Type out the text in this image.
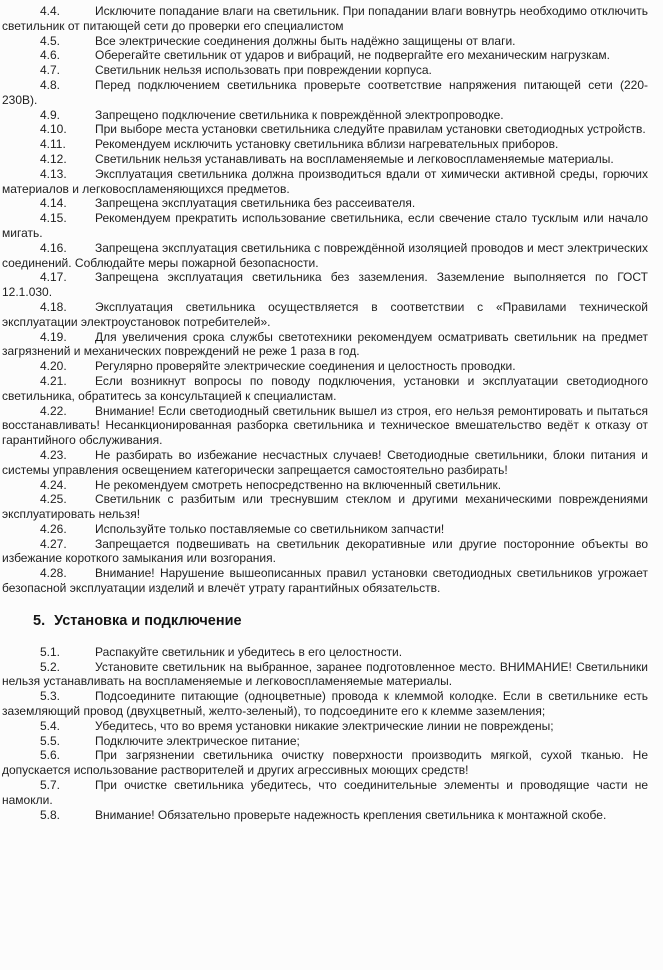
4.4.	Исключите попадание влаги на светильник. При попадании влаги вовнутрь необходимо отключить светильник от питающей сети до проверки его специалистом

4.5.	Все электрические соединения должны быть надёжно защищены от влаги.

4.6.	Оберегайте светильник от ударов и вибраций, не подвергайте его механическим нагрузкам.

4.7.	Светильник нельзя использовать при повреждении корпуса.

4.8.	Перед подключением светильника проверьте соответствие напряжения питающей сети (220-230В).

4.9.	Запрещено подключение светильника к повреждённой электропроводке.

4.10. При выборе места установки светильника следуйте правилам установки светодиодных устройств.

4.11. Рекомендуем исключить установку светильника вблизи нагревательных приборов.

4.12. Светильник нельзя устанавливать на воспламеняемые и легковоспламеняемые материалы.

4.13. Эксплуатация светильника должна производиться вдали от химически активной среды, горючих материалов и легковоспламеняющихся предметов.

4.14. Запрещена эксплуатация светильника без рассеивателя.

4.15. Рекомендуем прекратить использование светильника, если свечение стало тусклым или начало мигать.

4.16. Запрещена эксплуатация светильника с повреждённой изоляцией проводов и мест электрических соединений. Соблюдайте меры пожарной безопасности.

4.17. Запрещена эксплуатация светильника без заземления. Заземление выполняется по ГОСТ 12.1.030.

4.18. Эксплуатация светильника осуществляется в соответствии с «Правилами технической эксплуатации электроустановок потребителей».

4.19. Для увеличения срока службы светотехники рекомендуем осматривать светильник на предмет загрязнений и механических повреждений не реже 1 раза в год.

4.20. Регулярно проверяйте электрические соединения и целостность проводки.

4.21. Если возникнут вопросы по поводу подключения, установки и эксплуатации светодиодного светильника, обратитесь за консультацией к специалистам.

4.22. Внимание! Если светодиодный светильник вышел из строя, его нельзя ремонтировать и пытаться восстанавливать! Несанкционированная разборка светильника и техническое вмешательство ведёт к отказу от гарантийного обслуживания.

4.23. Не разбирать во избежание несчастных случаев! Светодиодные светильники, блоки питания и системы управления освещением категорически запрещается самостоятельно разбирать!

4.24. Не рекомендуем смотреть непосредственно на включенный светильник.

4.25. Светильник с разбитым или треснувшим стеклом и другими механическими повреждениями эксплуатировать нельзя!

4.26. Используйте только поставляемые со светильником запчасти!

4.27. Запрещается подвешивать на светильник декоративные или другие посторонние объекты во избежание короткого замыкания или возгорания.

4.28. Внимание! Нарушение вышеописанных правил установки светодиодных светильников угрожает безопасной эксплуатации изделий и влечёт утрату гарантийных обязательств.

5. Установка и подключение

5.1.	Распакуйте светильник и убедитесь в его целостности.

5.2.	Установите светильник на выбранное, заранее подготовленное место. ВНИМАНИЕ! Светильники нельзя устанавливать на воспламеняемые и легковоспламеняемые материалы.

5.3.	Подсоедините питающие (одноцветные) провода к клеммой колодке. Если в светильнике есть заземляющий провод (двухцветный, желто-зеленый), то подсоедините его к клемме заземления;

5.4.	Убедитесь, что во время установки никакие электрические линии не повреждены;

5.5.	Подключите электрическое питание;

5.6.	При загрязнении светильника очистку поверхности производить мягкой, сухой тканью. Не допускается использование растворителей и других агрессивных моющих средств!

5.7.	При очистке светильника убедитесь, что соединительные элементы и проводящие части не намокли.

5.8.	Внимание! Обязательно проверьте надежность крепления светильника к монтажной скобе.
